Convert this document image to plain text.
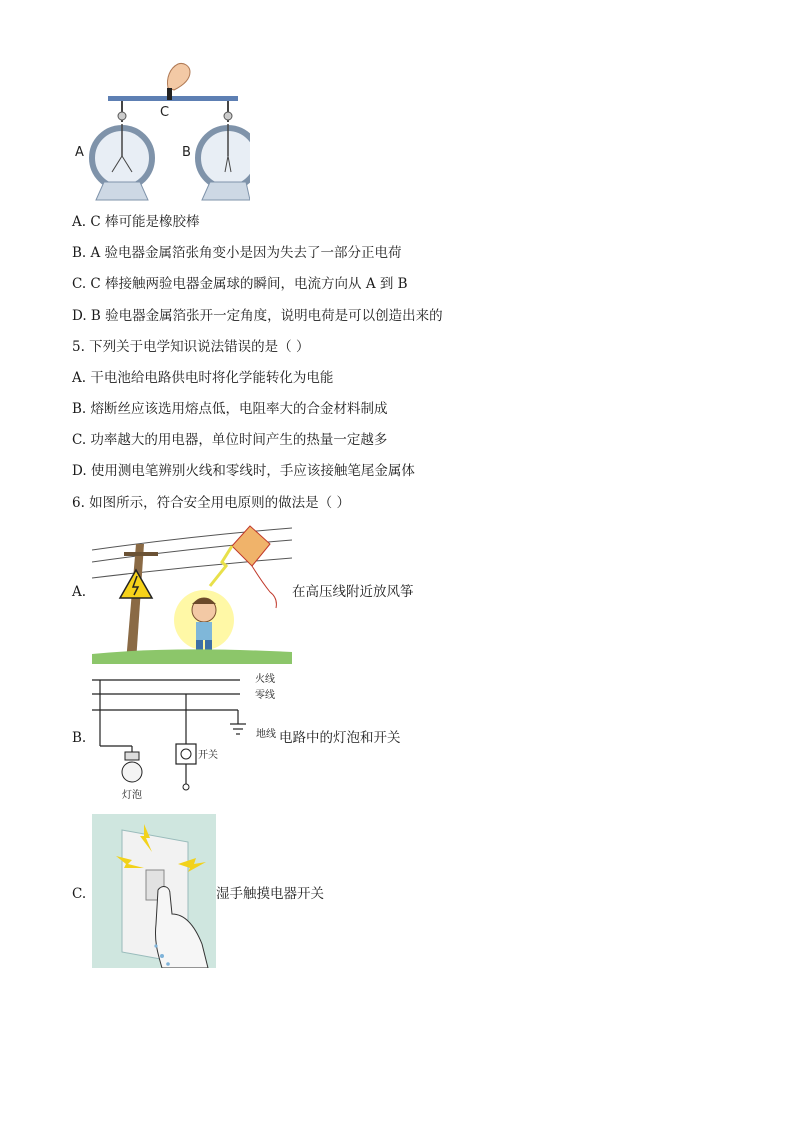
C
A	B
A. C 棒可能是橡胶棒
B. A 验电器金属箔张角变小是因为失去了一部分正电荷
C. C 棒接触两验电器金属球的瞬间，电流方向从 A 到 B
D. B 验电器金属箔张开一定角度，说明电荷是可以创造出来的
5. 下列关于电学知识说法错误的是（ ）
A. 干电池给电路供电时将化学能转化为电能
B. 熔断丝应该选用熔点低，电阻率大的合金材料制成
C. 功率越大的用电器，单位时间产生的热量一定越多
D. 使用测电笔辨别火线和零线时，手应该接触笔尾金属体
6. 如图所示，符合安全用电原则的做法是（ ）
A.	在高压线附近放风筝
B.
火线
零线
开关
灯泡
地线 电路中的灯泡和开关
C.	湿手触摸电器开关
